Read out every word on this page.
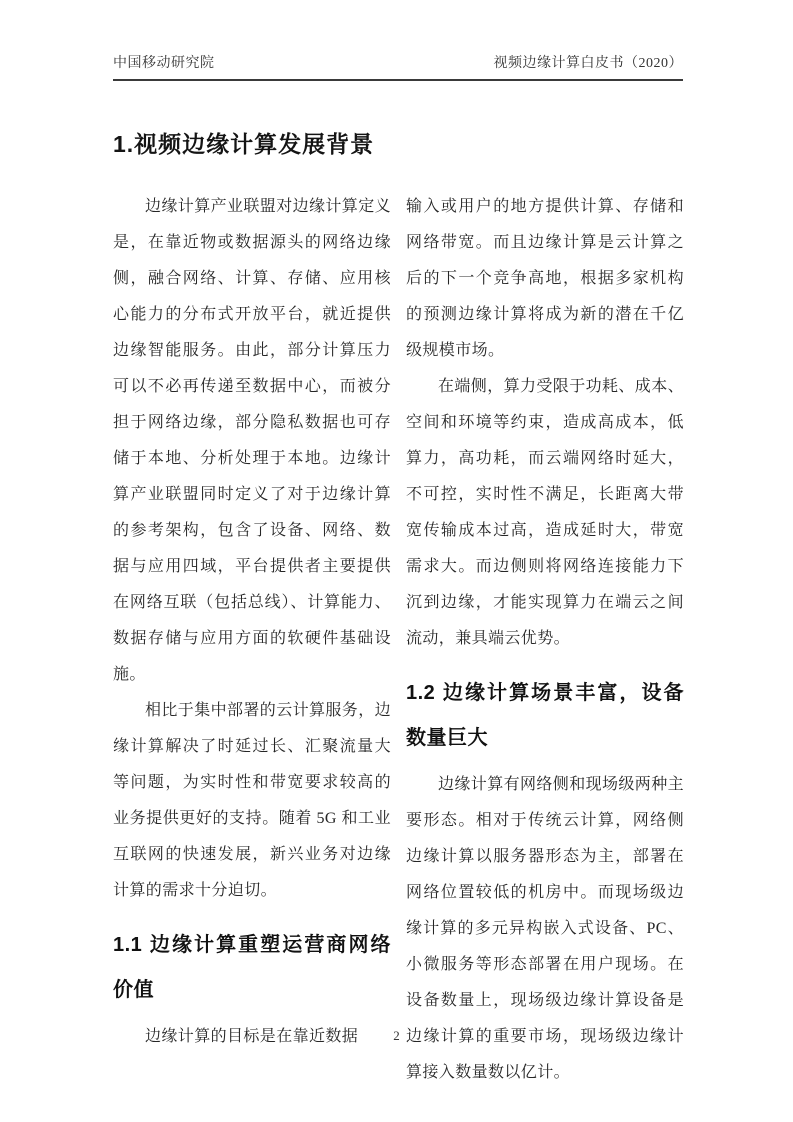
中国移动研究院	视频边缘计算白皮书（2020）
1.视频边缘计算发展背景

边缘计算产业联盟对边缘计算定义是，在靠近物或数据源头的网络边缘侧，融合网络、计算、存储、应用核心能力的分布式开放平台，就近提供边缘智能服务。由此，部分计算压力可以不必再传递至数据中心，而被分担于网络边缘，部分隐私数据也可存储于本地、分析处理于本地。边缘计算产业联盟同时定义了对于边缘计算的参考架构，包含了设备、网络、数据与应用四域，平台提供者主要提供在网络互联（包括总线）、计算能力、数据存储与应用方面的软硬件基础设施。

相比于集中部署的云计算服务，边缘计算解决了时延过长、汇聚流量大等问题，为实时性和带宽要求较高的业务提供更好的支持。随着 5G 和工业互联网的快速发展，新兴业务对边缘计算的需求十分迫切。

1.1 边缘计算重塑运营商网络价值

边缘计算的目标是在靠近数据

输入或用户的地方提供计算、存储和网络带宽。而且边缘计算是云计算之后的下一个竞争高地，根据多家机构的预测边缘计算将成为新的潜在千亿级规模市场。

在端侧，算力受限于功耗、成本、空间和环境等约束，造成高成本，低算力，高功耗，而云端网络时延大，不可控，实时性不满足，长距离大带宽传输成本过高，造成延时大，带宽需求大。而边侧则将网络连接能力下沉到边缘，才能实现算力在端云之间流动，兼具端云优势。

1.2 边缘计算场景丰富，设备数量巨大

边缘计算有网络侧和现场级两种主要形态。相对于传统云计算，网络侧边缘计算以服务器形态为主，部署在网络位置较低的机房中。而现场级边缘计算的多元异构嵌入式设备、PC、小微服务等形态部署在用户现场。在设备数量上，现场级边缘计算设备是边缘计算的重要市场，现场级边缘计算接入数量数以亿计。

2
